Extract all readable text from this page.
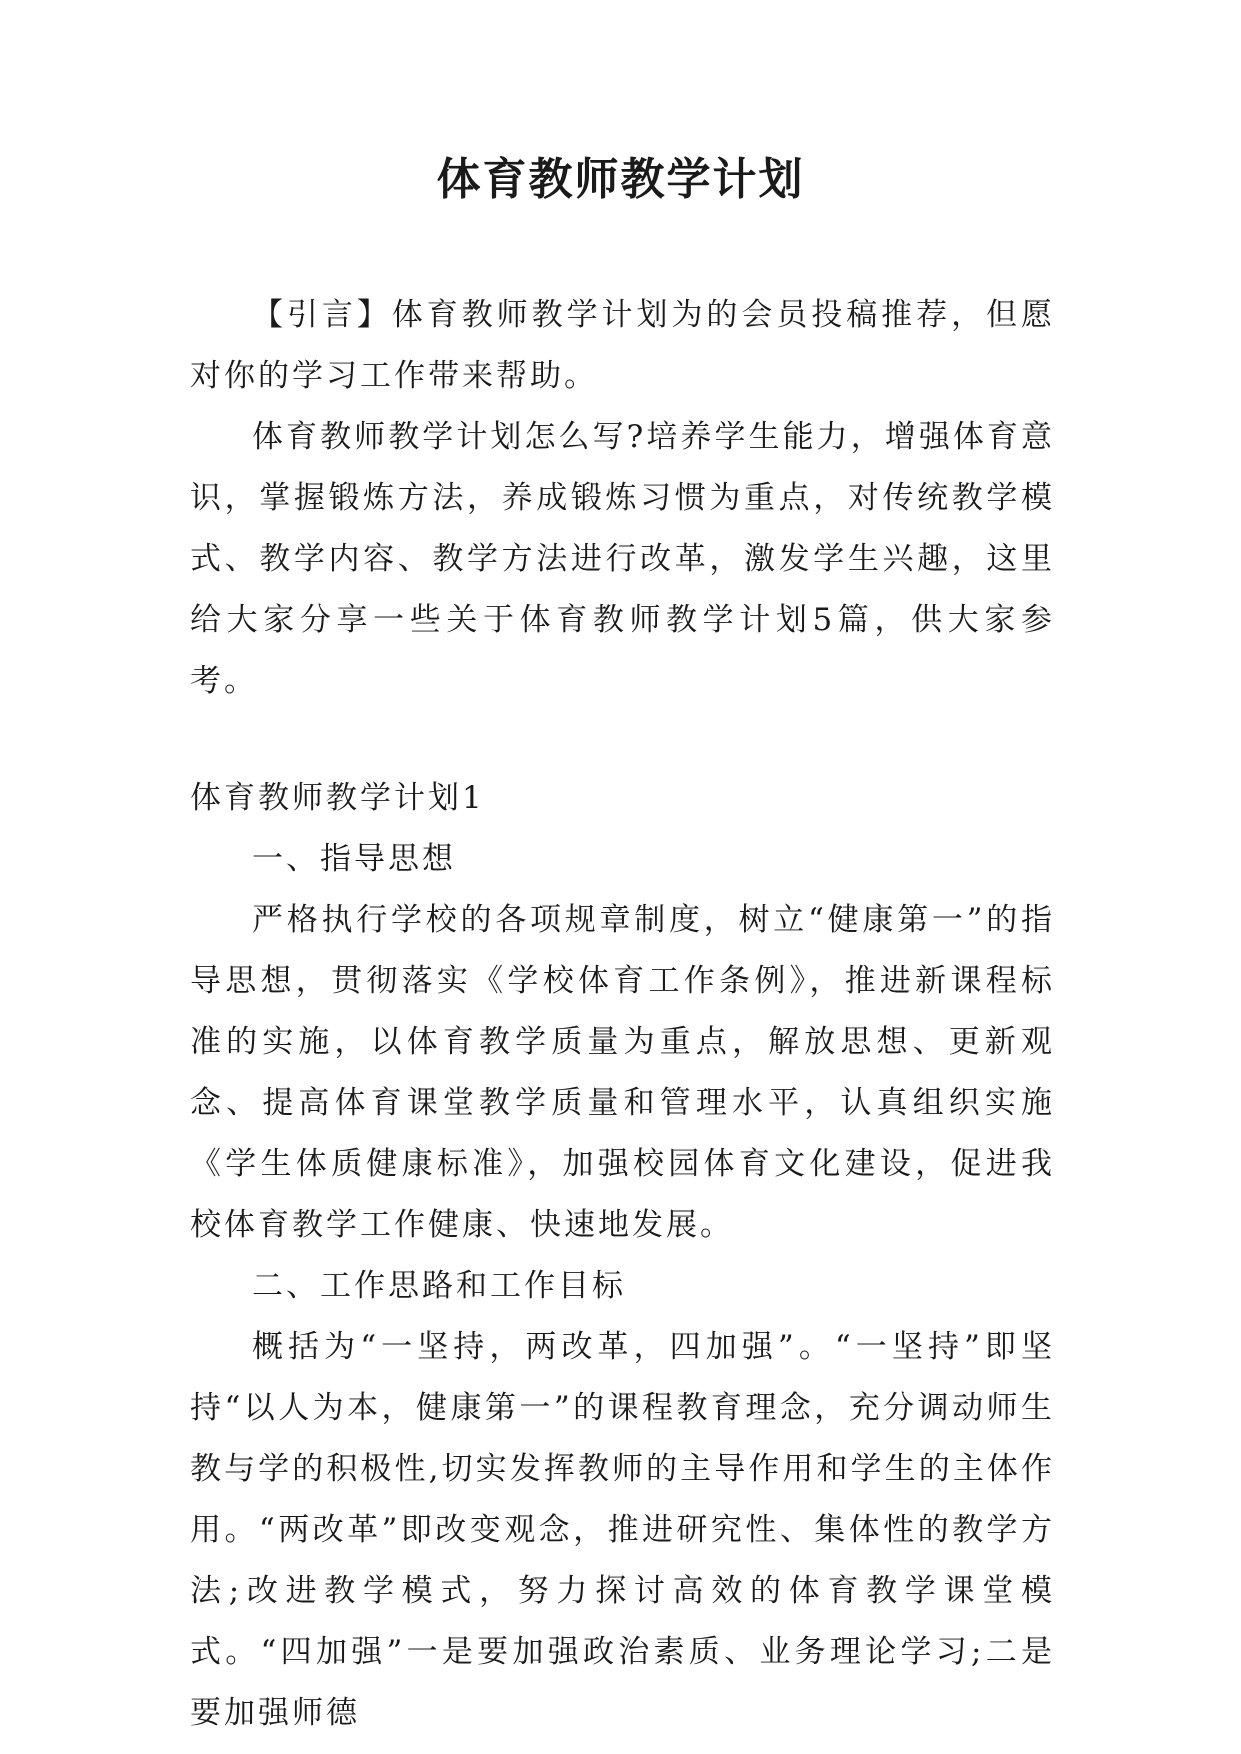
体育教师教学计划

【引言】体育教师教学计划为的会员投稿推荐，但愿对你的学习工作带来帮助。

体育教师教学计划怎么写?培养学生能力，增强体育意识，掌握锻炼方法，养成锻炼习惯为重点，对传统教学模式、教学内容、教学方法进行改革，激发学生兴趣，这里给大家分享一些关于体育教师教学计划5篇，供大家参考。

体育教师教学计划1

一、指导思想

严格执行学校的各项规章制度，树立“健康第一”的指导思想，贯彻落实《学校体育工作条例》，推进新课程标准的实施，以体育教学质量为重点，解放思想、更新观念、提高体育课堂教学质量和管理水平，认真组织实施《学生体质健康标准》，加强校园体育文化建设，促进我校体育教学工作健康、快速地发展。

二、工作思路和工作目标

概括为“一坚持，两改革，四加强”。“一坚持”即坚持“以人为本，健康第一”的课程教育理念，充分调动师生教与学的积极性,切实发挥教师的主导作用和学生的主体作用。“两改革”即改变观念，推进研究性、集体性的教学方法;改进教学模式，努力探讨高效的体育教学课堂模式。“四加强”一是要加强政治素质、业务理论学习;二是要加强师德
